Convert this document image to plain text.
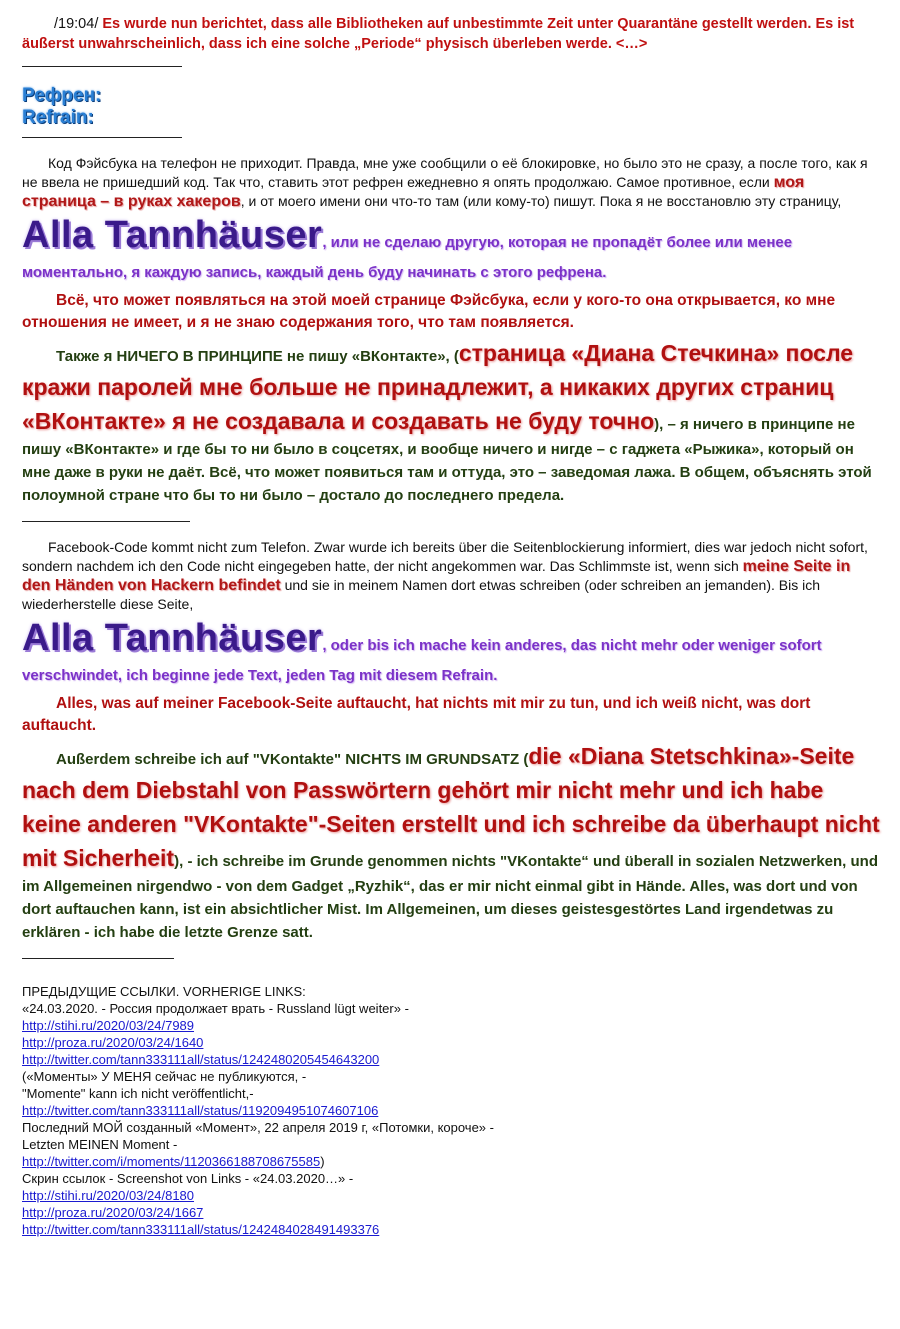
/19:04/ Es wurde nun berichtet, dass alle Bibliotheken auf unbestimmte Zeit unter Quarantäne gestellt werden. Es ist äußerst unwahrscheinlich, dass ich eine solche „Periode“ physisch überleben werde. <…>

Рефрен:
Refrain:

Код Фэйсбука на телефон не приходит. Правда, мне уже сообщили о её блокировке, но было это не сразу, а после того, как я не ввела не пришедший код. Так что, ставить этот рефрен ежедневно я опять продолжаю. Самое противное, если моя страница – в руках хакеров, и от моего имени они что-то там (или кому-то) пишут. Пока я не восстановлю эту страницу,

Alla Tannhäuser, или не сделаю другую, которая не пропадёт более или менее моментально, я каждую запись, каждый день буду начинать с этого рефрена.

Всё, что может появляться на этой моей странице Фэйсбука, если у кого-то она открывается, ко мне отношения не имеет, и я не знаю содержания того, что там появляется.

Также я НИЧЕГО В ПРИНЦИПЕ не пишу «ВКонтакте», (страница «Диана Стечкина» после кражи паролей мне больше не принадлежит, а никаких других страниц «ВКонтакте» я не создавала и создавать не буду точно), – я ничего в принципе не пишу «ВКонтакте» и где бы то ни было в соцсетях, и вообще ничего и нигде – с гаджета «Рыжика», который он мне даже в руки не даёт. Всё, что может появиться там и оттуда, это – заведомая лажа. В общем, объяснять этой полоумной стране что бы то ни было – достало до последнего предела.

Facebook-Code kommt nicht zum Telefon. Zwar wurde ich bereits über die Seitenblockierung informiert, dies war jedoch nicht sofort, sondern nachdem ich den Code nicht eingegeben hatte, der nicht angekommen war. Das Schlimmste ist, wenn sich meine Seite in den Händen von Hackern befindet und sie in meinem Namen dort etwas schreiben (oder schreiben an jemanden). Bis ich wiederherstelle diese Seite,

Alla Tannhäuser, oder bis ich mache kein anderes, das nicht mehr oder weniger sofort verschwindet, ich beginne jede Text, jeden Tag mit diesem Refrain.

Alles, was auf meiner Facebook-Seite auftaucht, hat nichts mit mir zu tun, und ich weiß nicht, was dort auftaucht.

Außerdem schreibe ich auf "VKontakte" NICHTS IM GRUNDSATZ (die «Diana Stetschkina»-Seite nach dem Diebstahl von Passwörtern gehört mir nicht mehr und ich habe keine anderen "VKontakte"-Seiten erstellt und ich schreibe da überhaupt nicht mit Sicherheit), - ich schreibe im Grunde genommen nichts "VKontakte“ und überall in sozialen Netzwerken, und im Allgemeinen nirgendwo - von dem Gadget „Ryzhik“, das er mir nicht einmal gibt in Hände. Alles, was dort und von dort auftauchen kann, ist ein absichtlicher Mist. Im Allgemeinen, um dieses geistesgestörtes Land irgendetwas zu erklären - ich habe die letzte Grenze satt.

ПРЕДЫДУЩИЕ ССЫЛКИ. VORHERIGE LINKS:
«24.03.2020. - Россия продолжает врать - Russland lügt weiter» -
http://stihi.ru/2020/03/24/7989
http://proza.ru/2020/03/24/1640
http://twitter.com/tann333111all/status/1242480205454643200
(«Моменты» У МЕНЯ сейчас не публикуются, -
"Momente" kann ich nicht veröffentlicht,-
http://twitter.com/tann333111all/status/1192094951074607106
Последний МОЙ созданный «Момент», 22 апреля 2019 г, «Потомки, короче» -
Letzten MEINEN Moment -
http://twitter.com/i/moments/1120366188708675585)
Скрин ссылок - Screenshot von Links - «24.03.2020…» -
http://stihi.ru/2020/03/24/8180
http://proza.ru/2020/03/24/1667
http://twitter.com/tann333111all/status/1242484028491493376
